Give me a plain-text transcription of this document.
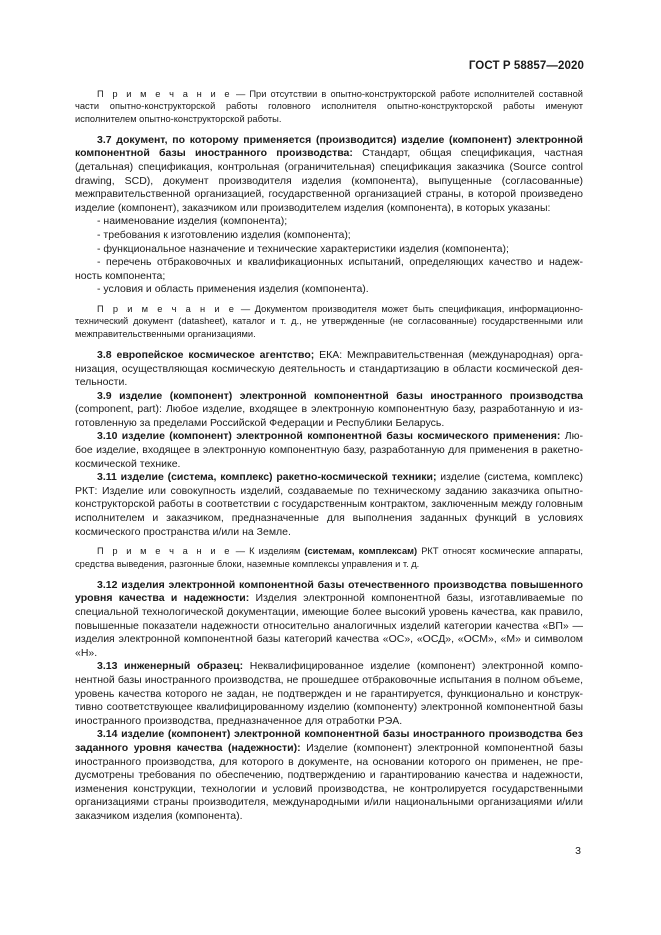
ГОСТ Р 58857—2020

П р и м е ч а н и е — При отсутствии в опытно-конструкторской работе исполнителей составной части опытно-конструкторской работы головного исполнителя опытно-конструкторской работы именуют исполнителем опытно-конструкторской работы.

3.7 документ, по которому применяется (производится) изделие (компонент) электронной компонентной базы иностранного производства: Стандарт, общая спецификация, частная (детальная) спецификация, контрольная (ограничительная) спецификация заказчика (Source control drawing, SCD), документ производителя изделия (компонента), выпущенные (согласованные) межправительственной организацией, государственной организацией страны, в которой произведено изделие (компонент), заказчиком или производителем изделия (компонента), в которых указаны:

- наименование изделия (компонента);

- требования к изготовлению изделия (компонента);

- функциональное назначение и технические характеристики изделия (компонента);

- перечень отбраковочных и квалификационных испытаний, определяющих качество и надежность компонента;

- условия и область применения изделия (компонента).

П р и м е ч а н и е — Документом производителя может быть спецификация, информационно-технический документ (datasheet), каталог и т. д., не утвержденные (не согласованные) государственными или межправительственными организациями.

3.8 европейское космическое агентство; ЕКА: Межправительственная (международная) организация, осуществляющая космическую деятельность и стандартизацию в области космической деятельности.

3.9 изделие (компонент) электронной компонентной базы иностранного производства (component, part): Любое изделие, входящее в электронную компонентную базу, разработанную и изготовленную за пределами Российской Федерации и Республики Беларусь.

3.10 изделие (компонент) электронной компонентной базы космического применения: Любое изделие, входящее в электронную компонентную базу, разработанную для применения в ракетно-космической технике.

3.11 изделие (система, комплекс) ракетно-космической техники; изделие (система, комплекс) РКТ: Изделие или совокупность изделий, создаваемые по техническому заданию заказчика опытно-конструкторской работы в соответствии с государственным контрактом, заключенным между головным исполнителем и заказчиком, предназначенные для выполнения заданных функций в условиях космического пространства и/или на Земле.

П р и м е ч а н и е — К изделиям (системам, комплексам) РКТ относят космические аппараты, средства выведения, разгонные блоки, наземные комплексы управления и т. д.

3.12 изделия электронной компонентной базы отечественного производства повышенного уровня качества и надежности: Изделия электронной компонентной базы, изготавливаемые по специальной технологической документации, имеющие более высокий уровень качества, как правило, повышенные показатели надежности относительно аналогичных изделий категории качества «ВП» — изделия электронной компонентной базы категорий качества «ОС», «ОСД», «ОСМ», «М» и символом «Н».

3.13 инженерный образец: Неквалифицированное изделие (компонент) электронной компонентной базы иностранного производства, не прошедшее отбраковочные испытания в полном объеме, уровень качества которого не задан, не подтвержден и не гарантируется, функционально и конструктивно соответствующее квалифицированному изделию (компоненту) электронной компонентной базы иностранного производства, предназначенное для отработки РЭА.

3.14 изделие (компонент) электронной компонентной базы иностранного производства без заданного уровня качества (надежности): Изделие (компонент) электронной компонентной базы иностранного производства, для которого в документе, на основании которого он применен, не предусмотрены требования по обеспечению, подтверждению и гарантированию качества и надежности, изменения конструкции, технологии и условий производства, не контролируется государственными организациями страны производителя, международными и/или национальными организациями и/или заказчиком изделия (компонента).

3
